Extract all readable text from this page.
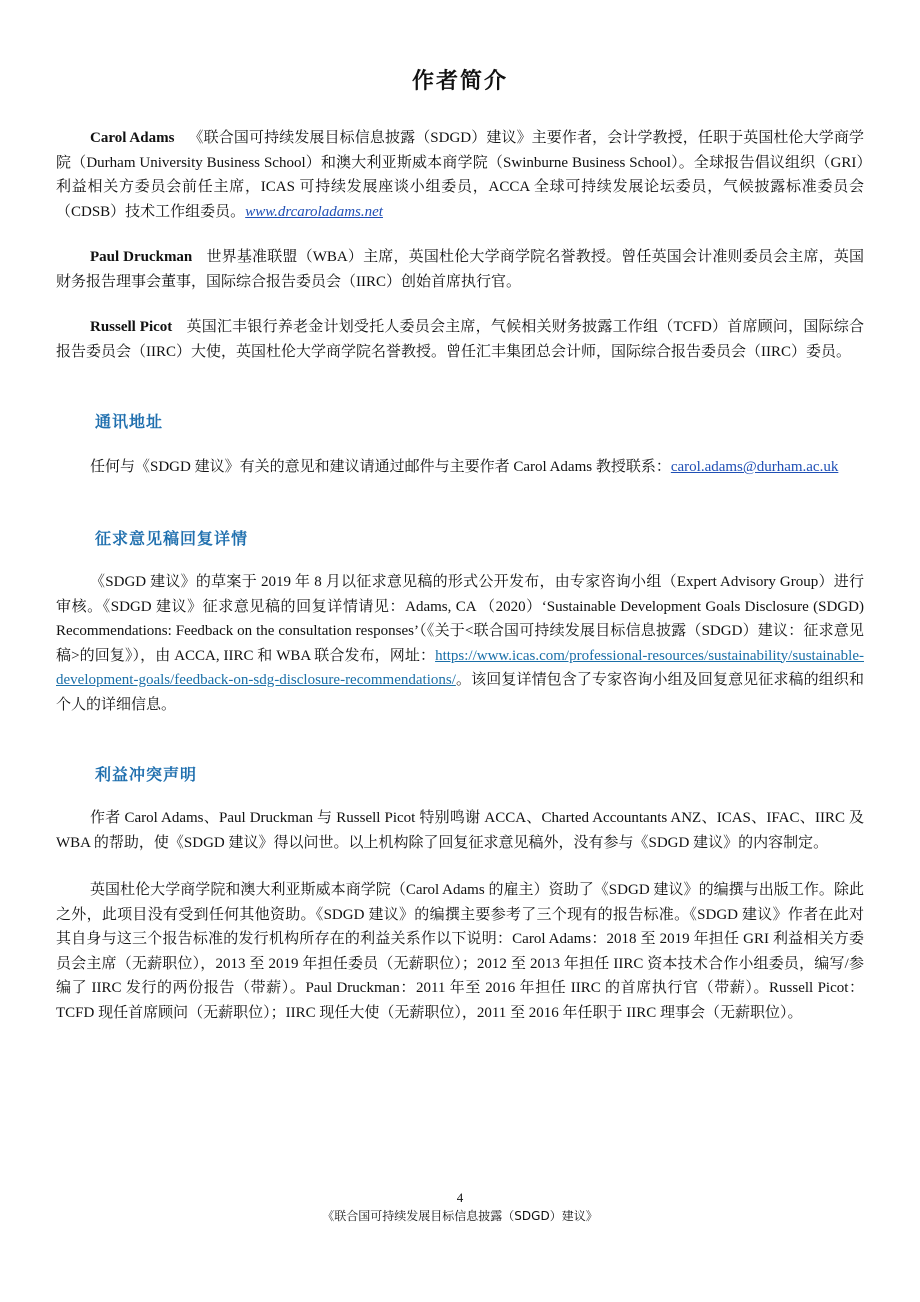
作者简介

Carol Adams 《联合国可持续发展目标信息披露（SDGD）建议》主要作者，会计学教授，任职于英国杜伦大学商学院（Durham University Business School）和澳大利亚斯威本商学院（Swinburne Business School）。全球报告倡议组织（GRI）利益相关方委员会前任主席，ICAS 可持续发展座谈小组委员，ACCA 全球可持续发展论坛委员，气候披露标准委员会（CDSB）技术工作组委员。www.drcaroladams.net

Paul Druckman 世界基准联盟（WBA）主席，英国杜伦大学商学院名誉教授。曾任英国会计准则委员会主席，英国财务报告理事会董事，国际综合报告委员会（IIRC）创始首席执行官。

Russell Picot 英国汇丰银行养老金计划受托人委员会主席，气候相关财务披露工作组（TCFD）首席顾问，国际综合报告委员会（IIRC）大使，英国杜伦大学商学院名誉教授。曾任汇丰集团总会计师，国际综合报告委员会（IIRC）委员。

通讯地址

任何与《SDGD 建议》有关的意见和建议请通过邮件与主要作者 Carol Adams 教授联系：carol.adams@durham.ac.uk

征求意见稿回复详情

《SDGD 建议》的草案于 2019 年 8 月以征求意见稿的形式公开发布，由专家咨询小组（Expert Advisory Group）进行审核。《SDGD 建议》征求意见稿的回复详情请见：Adams, CA （2020）‘Sustainable Development Goals Disclosure (SDGD) Recommendations: Feedback on the consultation responses’（《关于<联合国可持续发展目标信息披露（SDGD）建议：征求意见稿>的回复》），由 ACCA, IIRC 和 WBA 联合发布，网址：https://www.icas.com/professional-resources/sustainability/sustainable-development-goals/feedback-on-sdg-disclosure-recommendations/。该回复详情包含了专家咨询小组及回复意见征求稿的组织和个人的详细信息。

利益冲突声明

作者 Carol Adams、Paul Druckman 与 Russell Picot 特别鸣谢 ACCA、Charted Accountants ANZ、ICAS、IFAC、IIRC 及 WBA 的帮助，使《SDGD 建议》得以问世。以上机构除了回复征求意见稿外，没有参与《SDGD 建议》的内容制定。

英国杜伦大学商学院和澳大利亚斯威本商学院（Carol Adams 的雇主）资助了《SDGD 建议》的编撰与出版工作。除此之外，此项目没有受到任何其他资助。《SDGD 建议》的编撰主要参考了三个现有的报告标准。《SDGD 建议》作者在此对其自身与这三个报告标准的发行机构所存在的利益关系作以下说明：Carol Adams：2018 至 2019 年担任 GRI 利益相关方委员会主席（无薪职位），2013 至 2019 年担任委员（无薪职位）；2012 至 2013 年担任 IIRC 资本技术合作小组委员，编写/参编了 IIRC 发行的两份报告（带薪）。Paul Druckman：2011 年至 2016 年担任 IIRC 的首席执行官（带薪）。Russell Picot：TCFD 现任首席顾问（无薪职位）；IIRC 现任大使（无薪职位），2011 至 2016 年任职于 IIRC 理事会（无薪职位）。

4
《联合国可持续发展目标信息披露（SDGD）建议》
